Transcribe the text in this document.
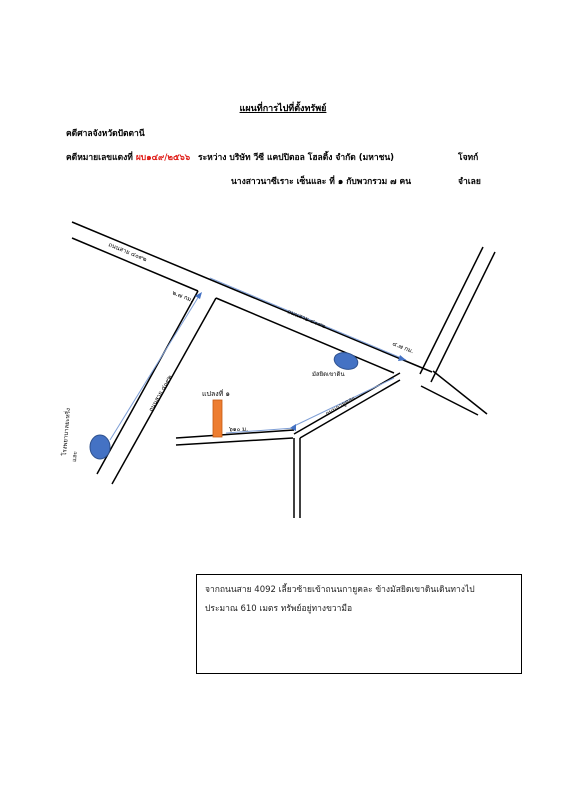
แผนที่การไปที่ตั้งทรัพย์
คดีศาลจังหวัดปัตตานี
คดีหมายเลขแดงที่ ผบ๑๔๙/๒๕๖๖ ระหว่าง บริษัท วีซี แคปปิตอล โฮลดิ้ง จำกัด (มหาชน)	โจทก์
นางสาวนาซีเราะ เซ็นและ ที่ ๑ กับพวกรวม ๗ คน	จำเลย
ถนนสาย ๔๐๙๒
ถนนสาย ๔๐๙๒
ถนนสาย ๔๐๙๒	ถนนกายูคละ
๒.๗ กม.
๔.๗ กม.
๖๑๐ ม.
มัสยิดเขาดิน
แปลงที่ ๑
โรงพยาบาลยะหริ่ง
และ
จากถนนสาย 4092 เลี้ยวซ้ายเข้าถนนกายูคละ ข้างมัสยิดเขาดินเดินทางไป
ประมาณ 610 เมตร ทรัพย์อยู่ทางขวามือ
